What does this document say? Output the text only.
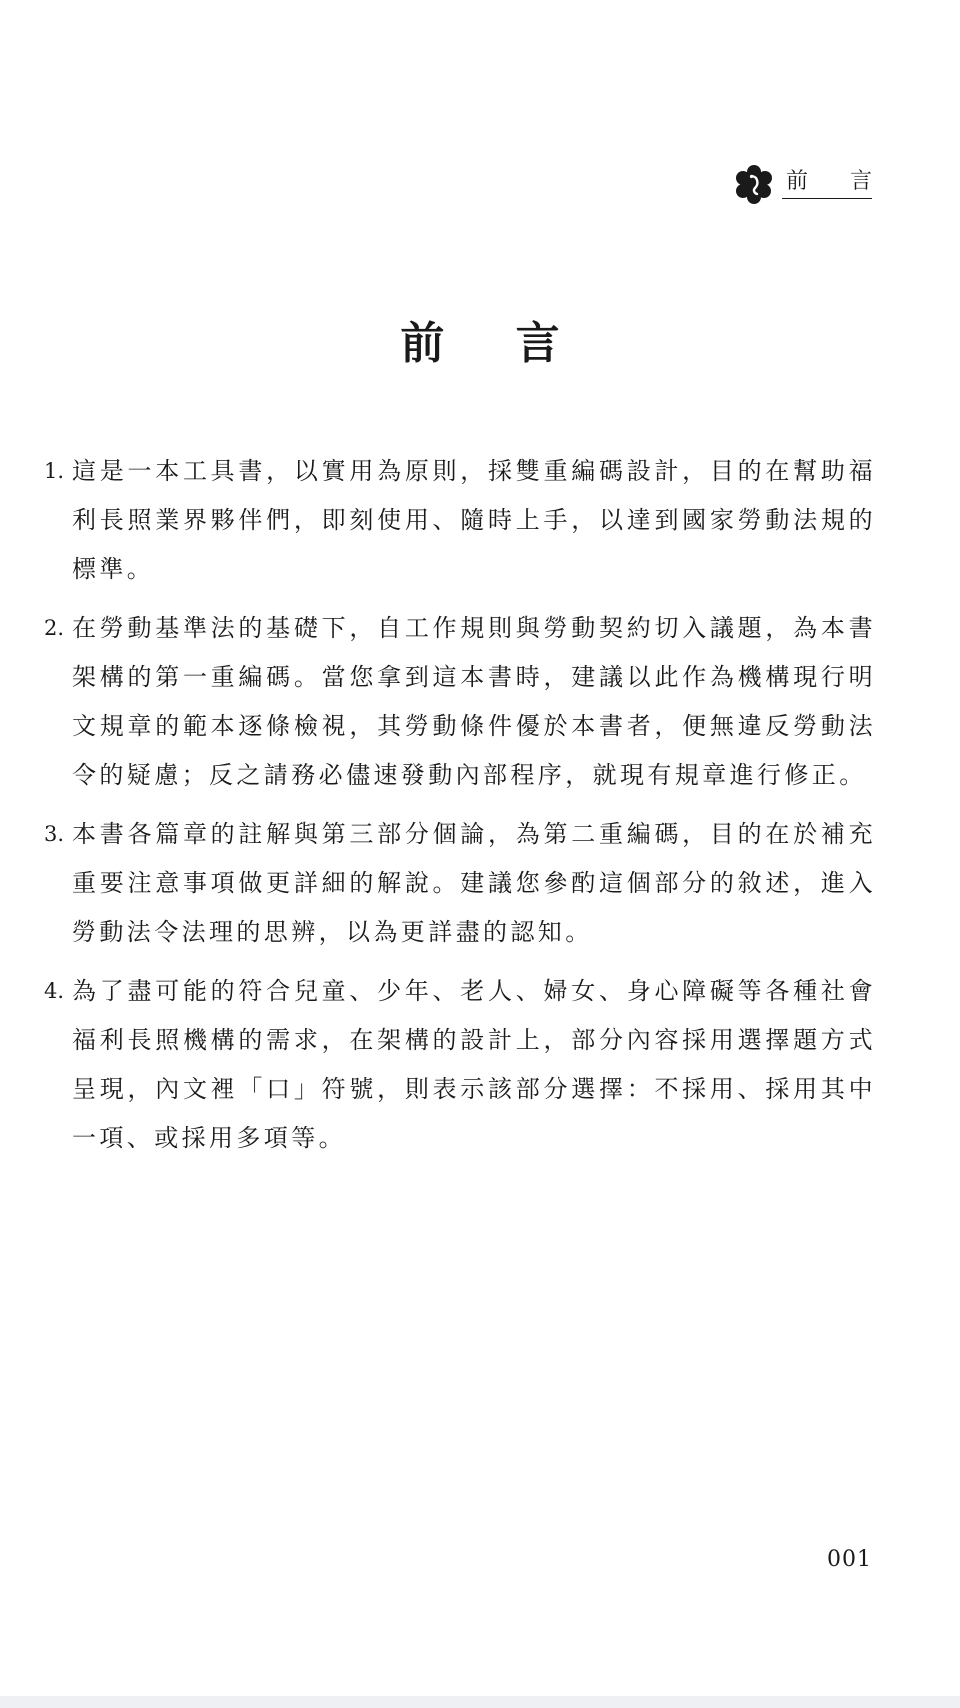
前 言
前 言
1. 這是一本工具書，以實用為原則，採雙重編碼設計，目的在幫助福利長照業界夥伴們，即刻使用、隨時上手，以達到國家勞動法規的標準。
2. 在勞動基準法的基礎下，自工作規則與勞動契約切入議題，為本書架構的第一重編碼。當您拿到這本書時，建議以此作為機構現行明文規章的範本逐條檢視，其勞動條件優於本書者，便無違反勞動法令的疑慮；反之請務必儘速發動內部程序，就現有規章進行修正。
3. 本書各篇章的註解與第三部分個論，為第二重編碼，目的在於補充重要注意事項做更詳細的解說。建議您參酌這個部分的敘述，進入勞動法令法理的思辨，以為更詳盡的認知。
4. 為了盡可能的符合兒童、少年、老人、婦女、身心障礙等各種社會福利長照機構的需求，在架構的設計上，部分內容採用選擇題方式呈現，內文裡「口」符號，則表示該部分選擇：不採用、採用其中一項、或採用多項等。
001
